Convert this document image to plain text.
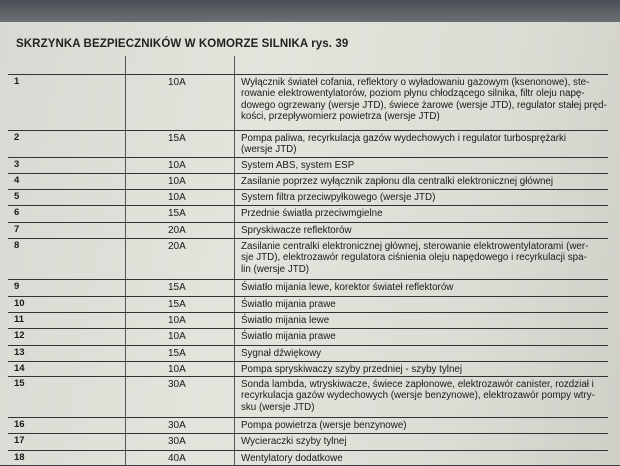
SKRZYNKA BEZPIECZNIKÓW W KOMORZE SILNIKA rys. 39
1	10A	Wyłącznik świateł cofania, reflektory o wyładowaniu gazowym (ksenonowe), ste-
rowanie elektrowentylatorów, poziom płynu chłodzącego silnika, filtr oleju napę-
dowego ogrzewany (wersje JTD), świece żarowe (wersje JTD), regulator stałej pręd-
kości, przepływomierz powietrza (wersje JTD)
2	15A	Pompa paliwa, recyrkulacja gazów wydechowych i regulator turbosprężarki
(wersje JTD)
3	10A	System ABS, system ESP
4	10A	Zasilanie poprzez wyłącznik zapłonu dla centralki elektronicznej głównej
5	10A	System filtra przeciwpyłkowego (wersje JTD)
6	15A	Przednie światła przeciwmgielne
7	20A	Spryskiwacze reflektorów
8	20A	Zasilanie centralki elektronicznej głównej, sterowanie elektrowentylatorami (wer-
sje JTD), elektrozawór regulatora ciśnienia oleju napędowego i recyrkulacji spa-
lin (wersje JTD)
9	15A	Światło mijania lewe, korektor świateł reflektorów
10	15A	Światło mijania prawe
11	10A	Światło mijania lewe
12	10A	Światło mijania prawe
13	15A	Sygnał dźwiękowy
14	10A	Pompa spryskiwaczy szyby przedniej - szyby tylnej
15	30A	Sonda lambda, wtryskiwacze, świece zapłonowe, elektrozawór canister, rozdział i
recyrkulacja gazów wydechowych (wersje benzynowe), elektrozawór pompy wtry-
sku (wersje JTD)
16	30A	Pompa powietrza (wersje benzynowe)
17	30A	Wycieraczki szyby tylnej
18	40A	Wentylatory dodatkowe
